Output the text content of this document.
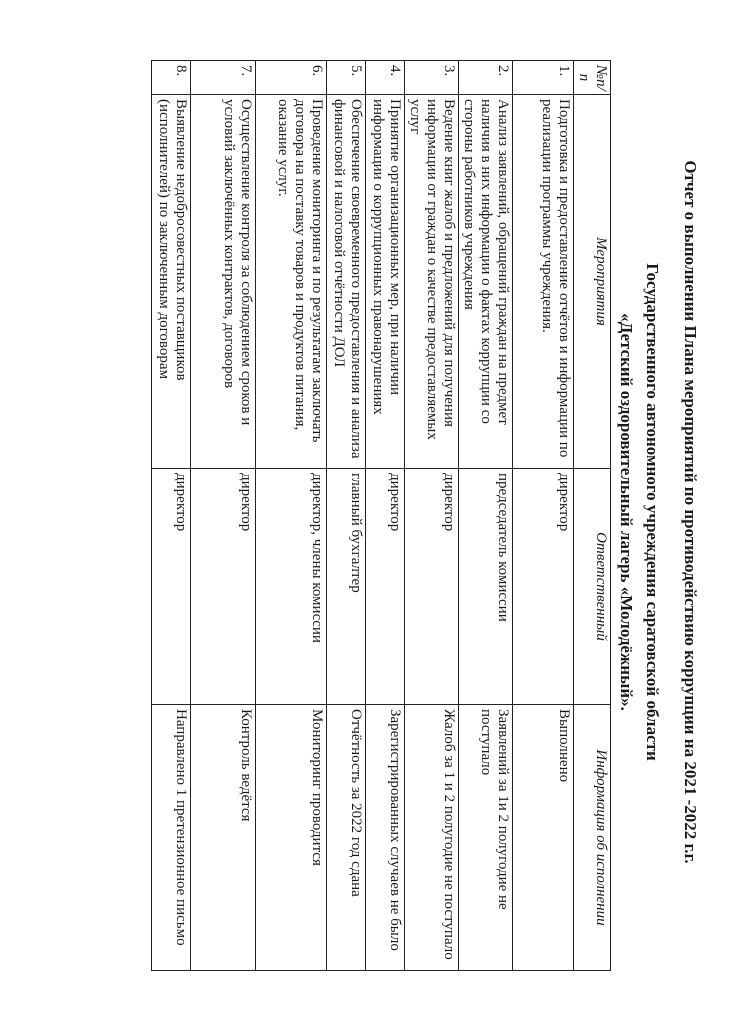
Отчет о выполнении Плана мероприятий по противодействию коррупции на 2021 -2022 г.г.
Государственного автономного учреждения саратовской области
«Детский оздоровительный лагерь «Молодёжный».
№п/п	Мероприятия	Ответственный	Информация об исполнении
1.	Подготовка и предоставление отчётов и информации по реализации программы учреждения.	директор	Выполнено
2.	Анализ заявлений, обращений граждан на предмет наличия в них информации о фактах коррупции со стороны работников учреждения	председатель комиссии	Заявлений за 1и 2 полугодие не поступало
3.	Ведение книг жалоб и предложений для получения информации от граждан о качестве предоставляемых услуг	директор	Жалоб за 1 и 2 полугодие не поступало
4.	Принятие организационных мер, при наличии информации о коррупционных правонарушениях	директор	Зарегистрированных случаев не было
5.	Обеспечение своевременного предоставления и анализа финансовой и налоговой отчётности ДОЛ	главный бухгалтер	Отчётность за 2022 год сдана
6.	Проведение мониторинга и по результатам заключать договора на поставку товаров и продуктов питания, оказание услуг.	директор, члены комиссии	Мониторинг проводится
7.	Осуществление контроля за соблюдением сроков и условий заключённых контрактов, договоров	директор	Контроль ведётся
8.	Выявление недобросовестных поставщиков (исполнителей) по заключенным договорам	директор	Направлено 1 претензионное письмо
